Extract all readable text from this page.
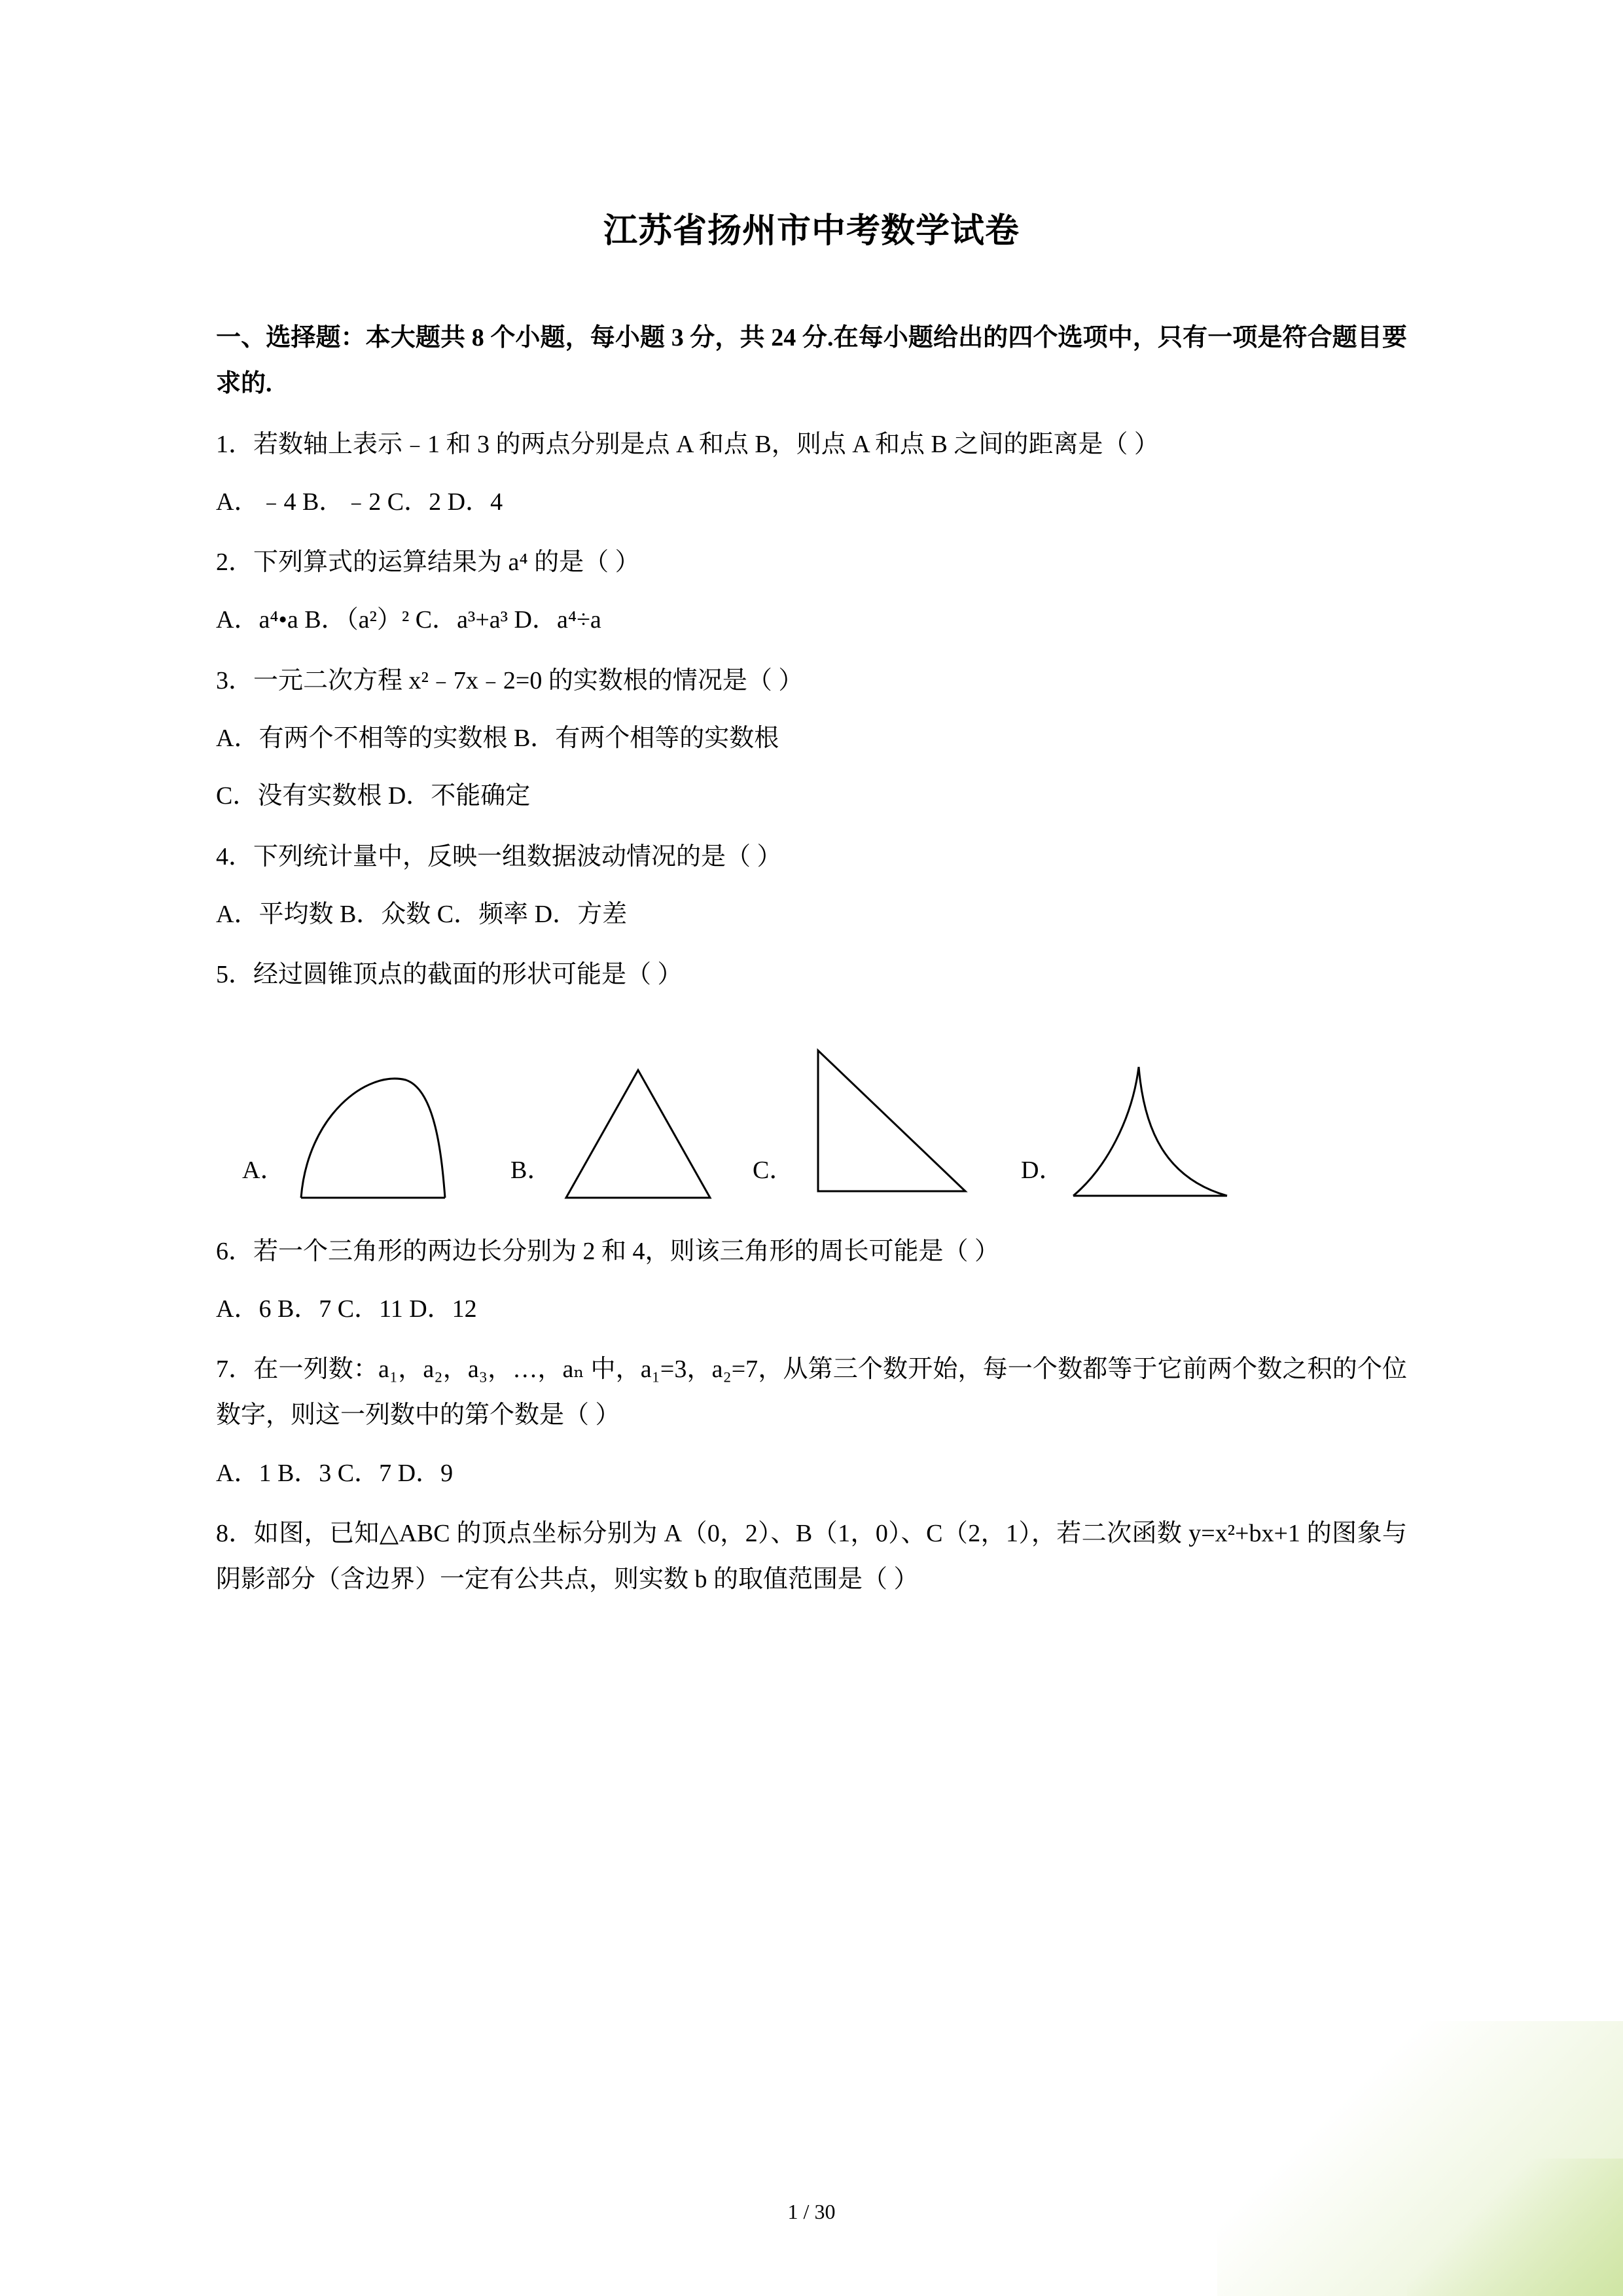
江苏省扬州市中考数学试卷
一、选择题：本大题共 8 个小题，每小题 3 分，共 24 分.在每小题给出的四个选项中，只有一项是符合题目要求的.
1．若数轴上表示﹣1 和 3 的两点分别是点 A 和点 B，则点 A 和点 B 之间的距离是（ ）
A．﹣4 B．﹣2 C．2 D．4
2．下列算式的运算结果为 a⁴ 的是（ ）
A．a⁴•a B．（a²）² C．a³+a³ D．a⁴÷a
3．一元二次方程 x²﹣7x﹣2=0 的实数根的情况是（ ）
A．有两个不相等的实数根 B．有两个相等的实数根
C．没有实数根 D．不能确定
4．下列统计量中，反映一组数据波动情况的是（ ）
A．平均数 B．众数 C．频率 D．方差
5．经过圆锥顶点的截面的形状可能是（ ）
A．	B．	C．	D．
6．若一个三角形的两边长分别为 2 和 4，则该三角形的周长可能是（ ）
A．6 B．7 C．11 D．12
7．在一列数：a₁，a₂，a₃，…，aₙ 中，a₁=3，a₂=7，从第三个数开始，每一个数都等于它前两个数之积的个位数字，则这一列数中的第个数是（ ）
A．1 B．3 C．7 D．9
8．如图，已知△ABC 的顶点坐标分别为 A（0，2）、B（1，0）、C（2，1），若二次函数 y=x²+bx+1 的图象与阴影部分（含边界）一定有公共点，则实数 b 的取值范围是（ ）
1 / 30
